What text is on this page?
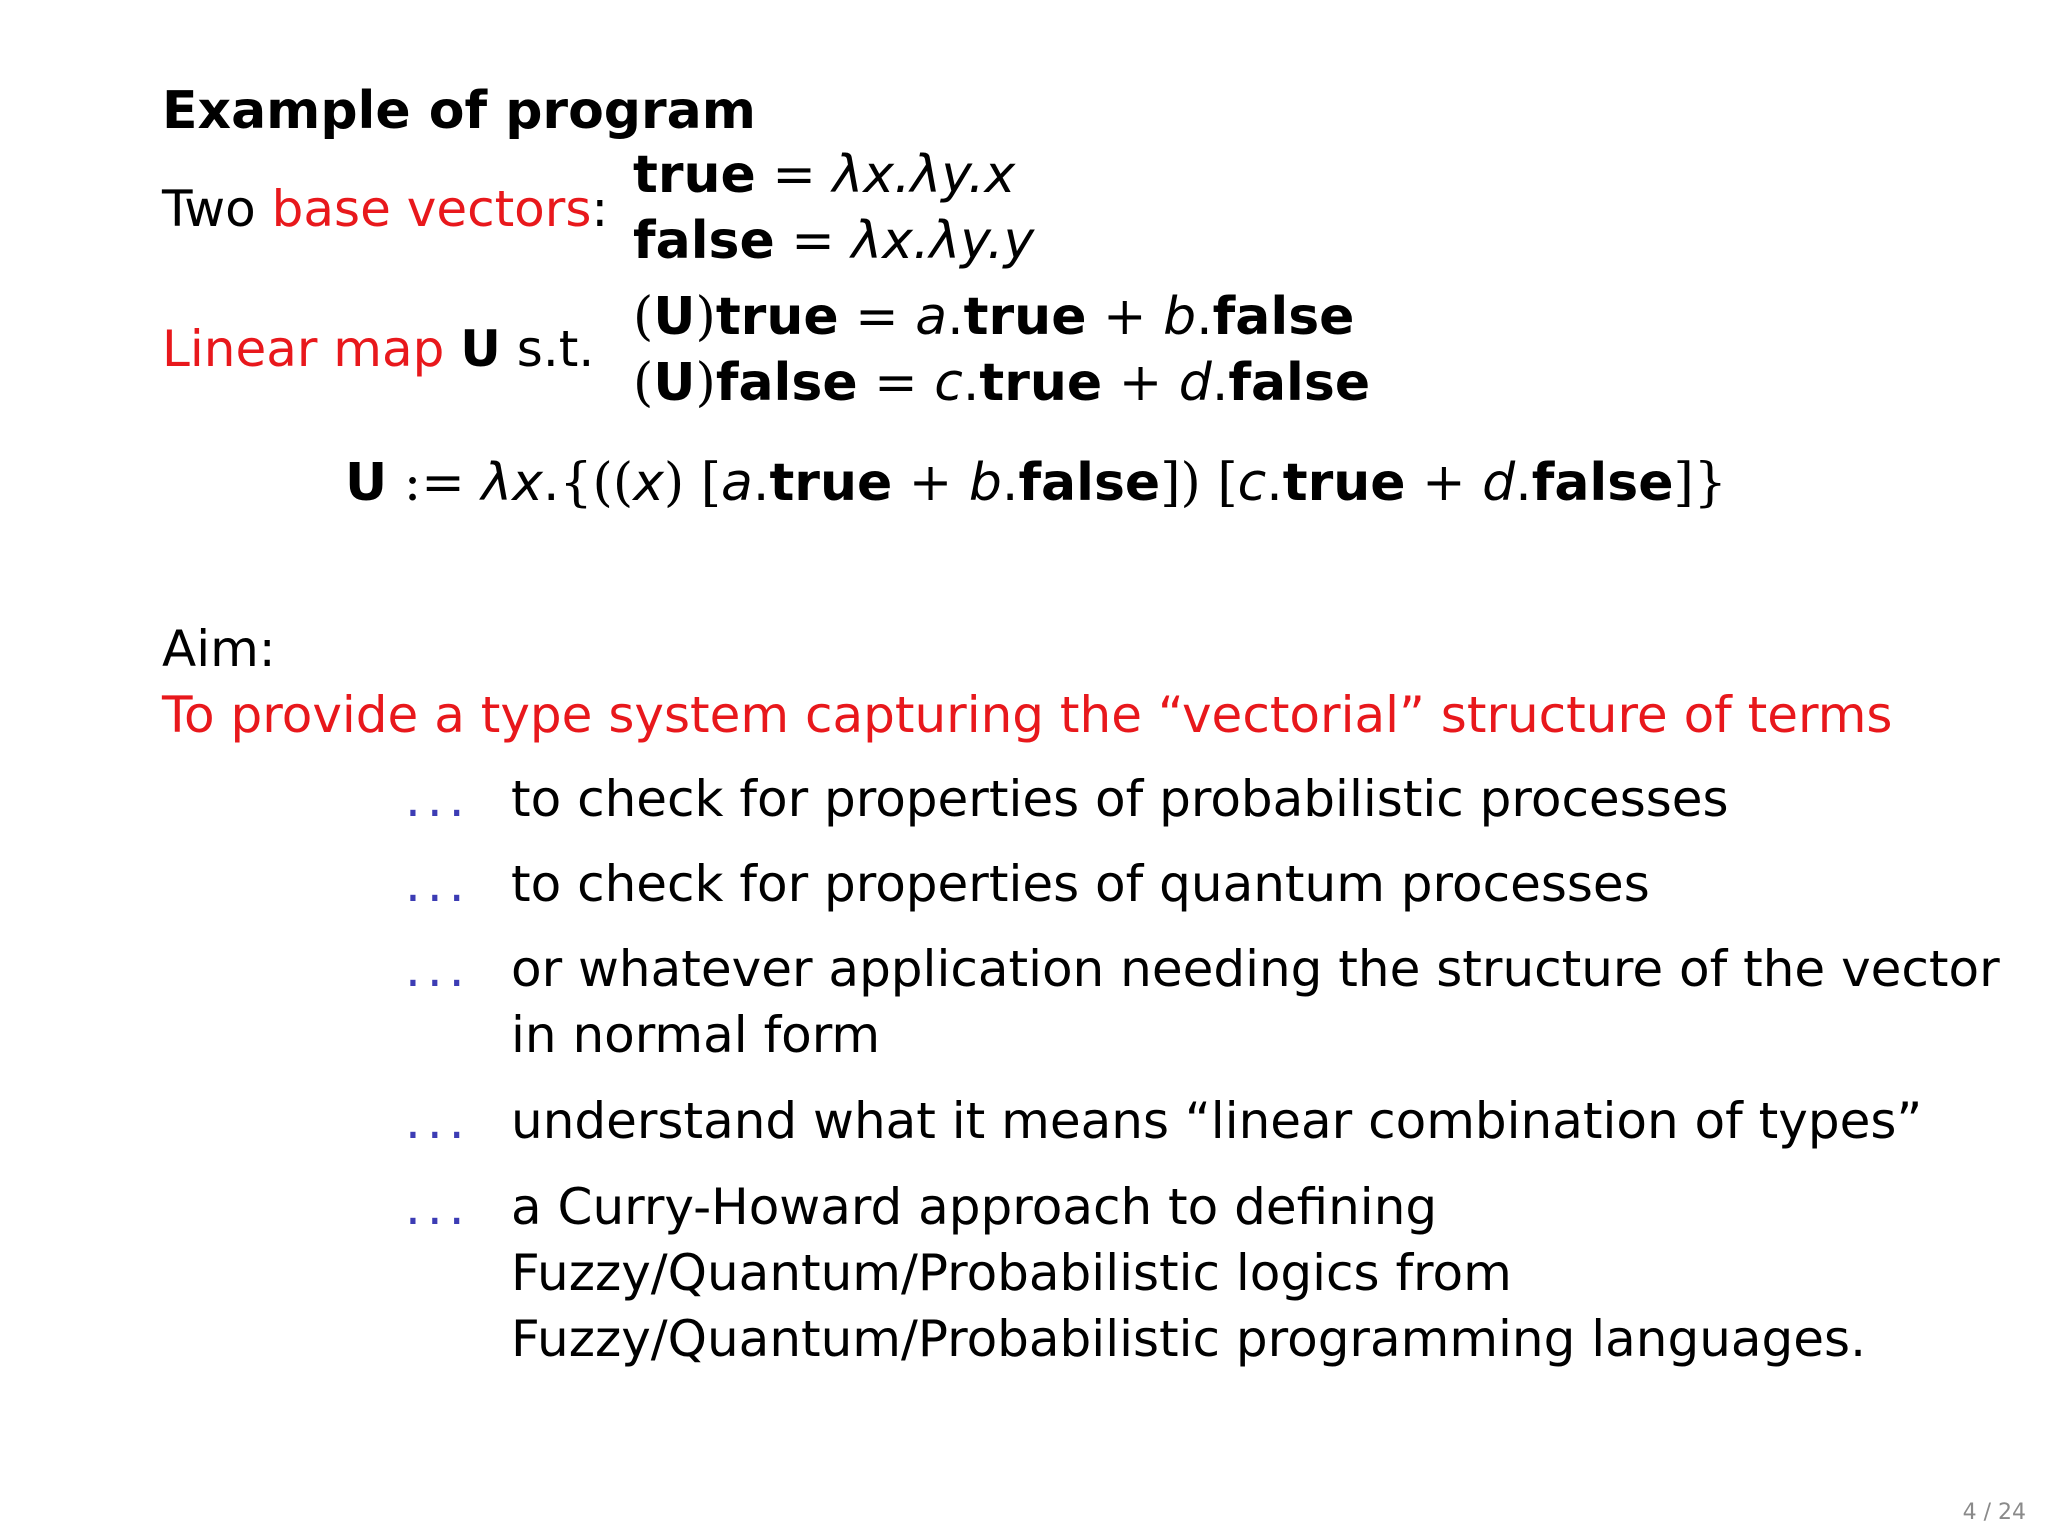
Example of program
Two base vectors:
true = λx.λy.x
false = λx.λy.y
Linear map U s.t.
(U)true = a.true + b.false
(U)false = c.true + d.false
U := λx.{((x) [a.true + b.false]) [c.true + d.false]}
Aim:
To provide a type system capturing the “vectorial” structure of terms
... to check for properties of probabilistic processes
... to check for properties of quantum processes
... or whatever application needing the structure of the vector
in normal form
... understand what it means “linear combination of types”
... a Curry-Howard approach to defining
Fuzzy/Quantum/Probabilistic logics from
Fuzzy/Quantum/Probabilistic programming languages.
4 / 24
